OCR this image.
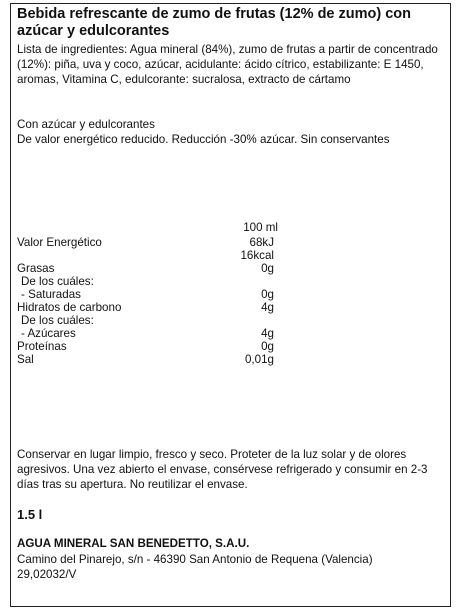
Bebida refrescante de zumo de frutas (12% de zumo) con azúcar y edulcorantes
Lista de ingredientes: Agua mineral (84%), zumo de frutas a partir de concentrado (12%): piña, uva y coco, azúcar, acidulante: ácido cítrico, estabilizante: E 1450, aromas, Vitamina C, edulcorante: sucralosa, extracto de cártamo
Con azúcar y edulcorantes
De valor energético reducido. Reducción -30% azúcar. Sin conservantes
100 ml
Valor Energético	68kJ
16kcal
Grasas	0g
De los cuáles:
- Saturadas	0g
Hidratos de carbono	4g
De los cuáles:
- Azúcares	4g
Proteínas	0g
Sal	0,01g
Conservar en lugar limpio, fresco y seco. Proteter de la luz solar y de olores agresivos. Una vez abierto el envase, consérvese refrigerado y consumir en 2-3 días tras su apertura. No reutilizar el envase.
1.5 l
AGUA MINERAL SAN BENEDETTO, S.A.U.
Camino del Pinarejo, s/n - 46390 San Antonio de Requena (Valencia)
29,02032/V
